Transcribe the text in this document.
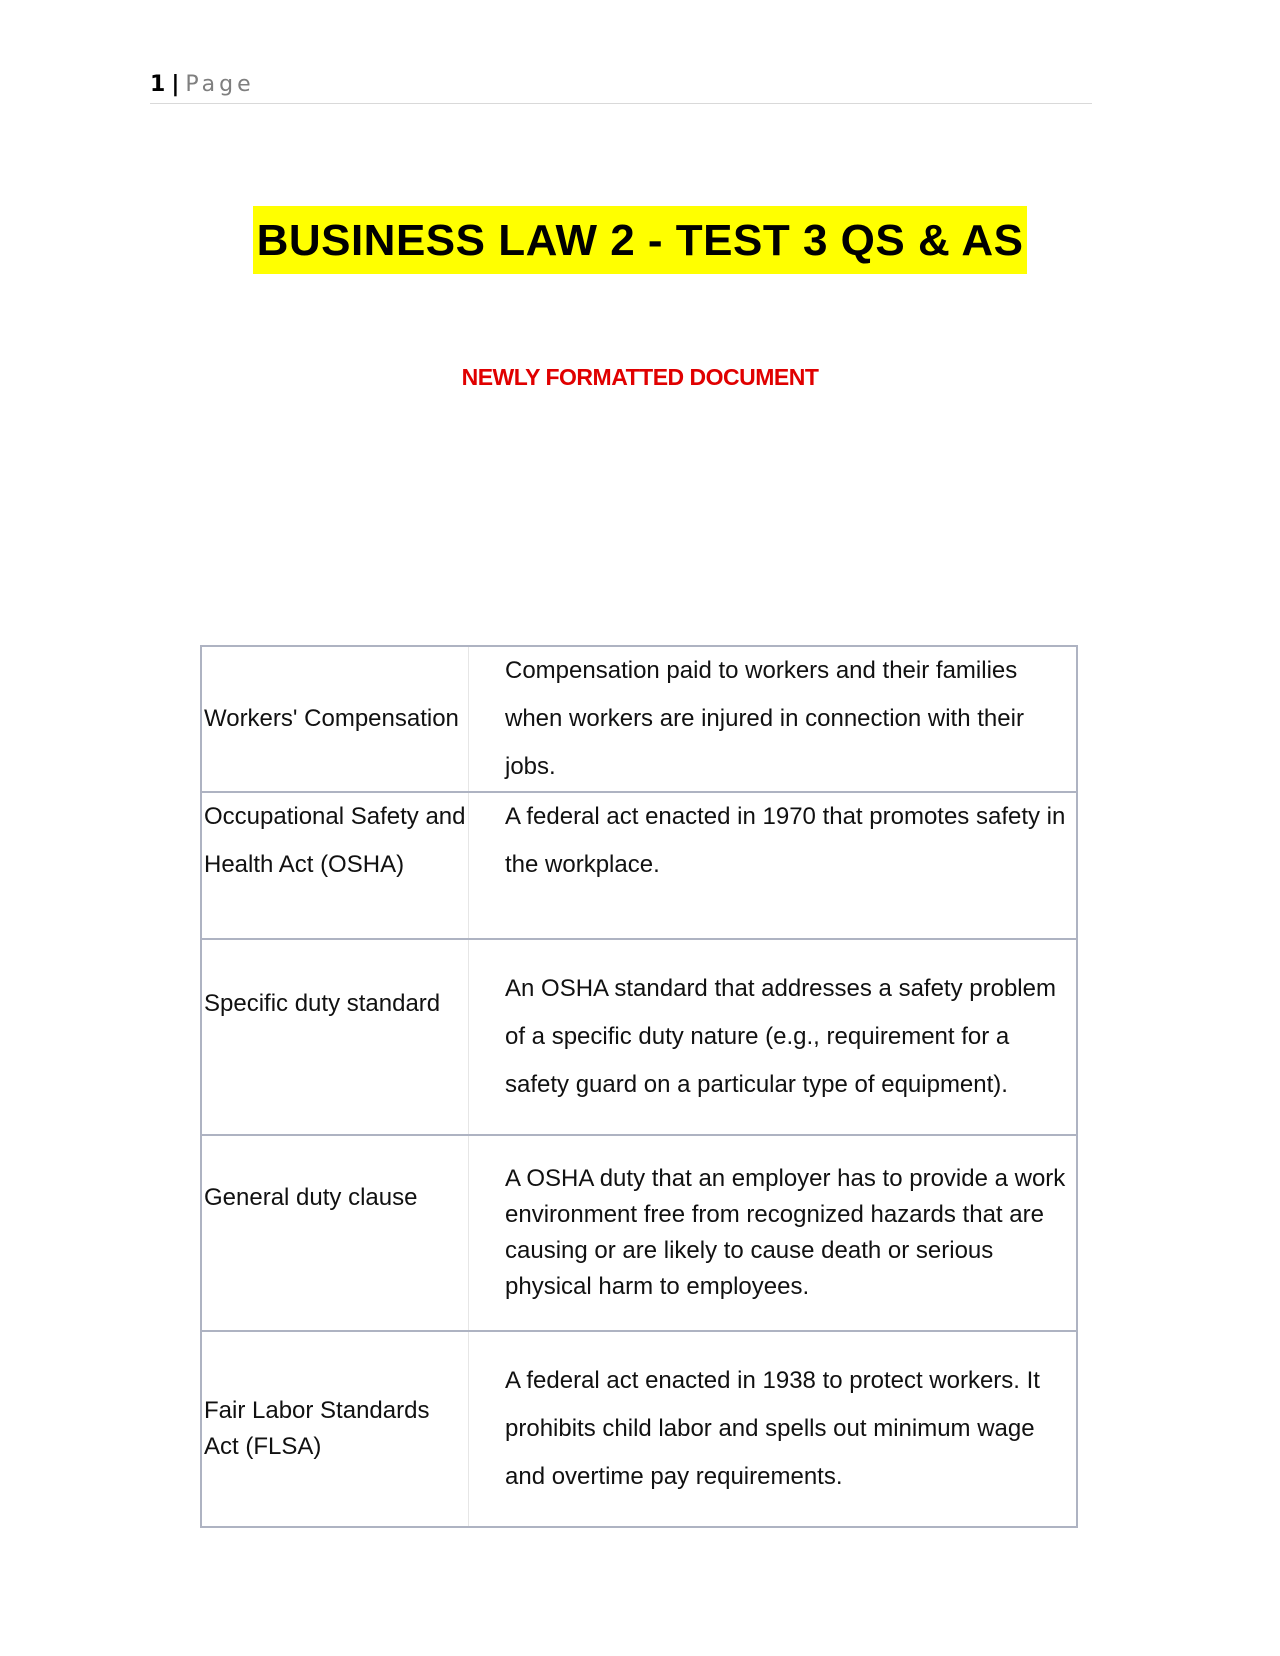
1 | Page
BUSINESS LAW 2 - TEST 3 QS & AS
NEWLY FORMATTED DOCUMENT
Workers' Compensation	Compensation paid to workers and their families when workers are injured in connection with their jobs.
Occupational Safety and Health Act (OSHA)	A federal act enacted in 1970 that promotes safety in the workplace.
Specific duty standard	An OSHA standard that addresses a safety problem of a specific duty nature (e.g., requirement for a safety guard on a particular type of equipment).
General duty clause	A OSHA duty that an employer has to provide a work environment free from recognized hazards that are causing or are likely to cause death or serious physical harm to employees.
Fair Labor Standards Act (FLSA)	A federal act enacted in 1938 to protect workers. It prohibits child labor and spells out minimum wage and overtime pay requirements.
